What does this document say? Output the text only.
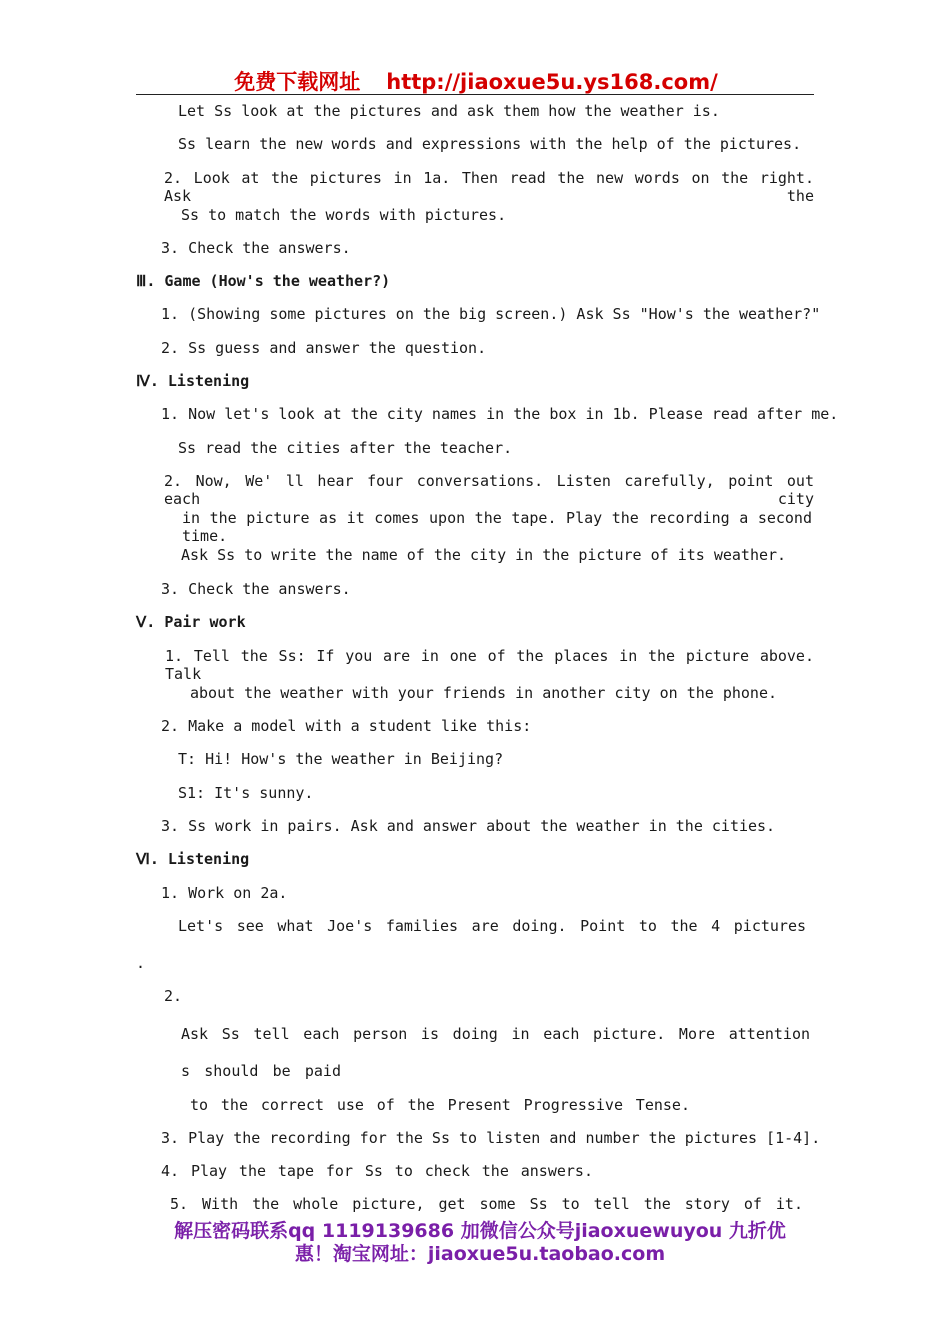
免费下载网址 http://jiaoxue5u.ys168.com/
Let Ss look at the pictures and ask them how the weather is.
Ss learn the new words and expressions with the help of the pictures.
2. Look at the pictures in 1a. Then read the new words on the right. Ask the
Ss to match the words with pictures.
3. Check the answers.
Ⅲ. Game (How's the weather?)
1. (Showing some pictures on the big screen.) Ask Ss "How's the weather?"
2. Ss guess and answer the question.
Ⅳ. Listening
1. Now let's look at the city names in the box in 1b. Please read after me.
Ss read the cities after the teacher.
2. Now, We' ll hear four conversations. Listen carefully, point out each city
in the picture as it comes upon the tape. Play the recording a second time.
Ask Ss to write the name of the city in the picture of its weather.
3. Check the answers.
Ⅴ. Pair work
1. Tell the Ss: If you are in one of the places in the picture above. Talk
about the weather with your friends in another city on the phone.
2. Make a model with a student like this:
T: Hi! How's the weather in Beijing?
S1: It's sunny.
3. Ss work in pairs. Ask and answer about the weather in the cities.
Ⅵ. Listening
1. Work on 2a.
Let's see what Joe's families are doing. Point to the 4 pictures
.
2.
Ask Ss tell each person is doing in each picture. More attention
s should be paid
to the correct use of the Present Progressive Tense.
3. Play the recording for the Ss to listen and number the pictures [1-4].
4. Play the tape for Ss to check the answers.
5. With the whole picture, get some Ss to tell the story of it.
解压密码联系qq 1119139686 加微信公众号jiaoxuewuyou 九折优
惠！淘宝网址：jiaoxue5u.taobao.com
